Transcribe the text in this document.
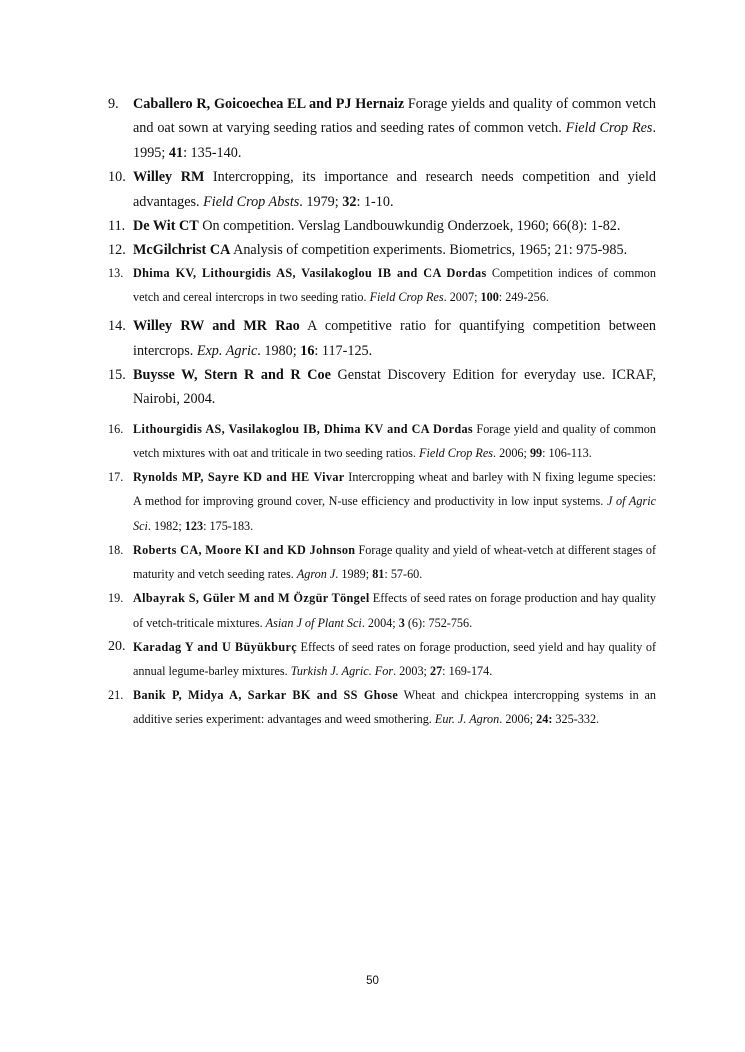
9.	Caballero R, Goicoechea EL and PJ Hernaiz Forage yields and quality of common vetch and oat sown at varying seeding ratios and seeding rates of common vetch. Field Crop Res. 1995; 41: 135-140.
10. Willey RM Intercropping, its importance and research needs competition and yield advantages. Field Crop Absts. 1979; 32: 1-10.
11. De Wit CT On competition. Verslag Landbouwkundig Onderzoek, 1960; 66(8): 1-82.
12. McGilchrist CA Analysis of competition experiments. Biometrics, 1965; 21: 975-985.
13. Dhima KV, Lithourgidis AS, Vasilakoglou IB and CA Dordas Competition indices of common vetch and cereal intercrops in two seeding ratio. Field Crop Res. 2007; 100: 249-256.
14. Willey RW and MR Rao A competitive ratio for quantifying competition between intercrops. Exp. Agric. 1980; 16: 117-125.
15. Buysse W, Stern R and R Coe Genstat Discovery Edition for everyday use. ICRAF, Nairobi, 2004.
16. Lithourgidis AS, Vasilakoglou IB, Dhima KV and CA Dordas Forage yield and quality of common vetch mixtures with oat and triticale in two seeding ratios. Field Crop Res. 2006; 99: 106-113.
17. Rynolds MP, Sayre KD and HE Vivar Intercropping wheat and barley with N fixing legume species: A method for improving ground cover, N-use efficiency and productivity in low input systems. J of Agric Sci. 1982; 123: 175-183.
18. Roberts CA, Moore KI and KD Johnson Forage quality and yield of wheat-vetch at different stages of maturity and vetch seeding rates. Agron J. 1989; 81: 57-60.
19. Albayrak S, Güler M and M Özgür Töngel Effects of seed rates on forage production and hay quality of vetch-triticale mixtures. Asian J of Plant Sci. 2004; 3 (6): 752-756.
20. Karadag Y and U Büyükburç Effects of seed rates on forage production, seed yield and hay quality of annual legume-barley mixtures. Turkish J. Agric. For. 2003; 27: 169-174.
21. Banik P, Midya A, Sarkar BK and SS Ghose Wheat and chickpea intercropping systems in an additive series experiment: advantages and weed smothering. Eur. J. Agron. 2006; 24: 325-332.
50
